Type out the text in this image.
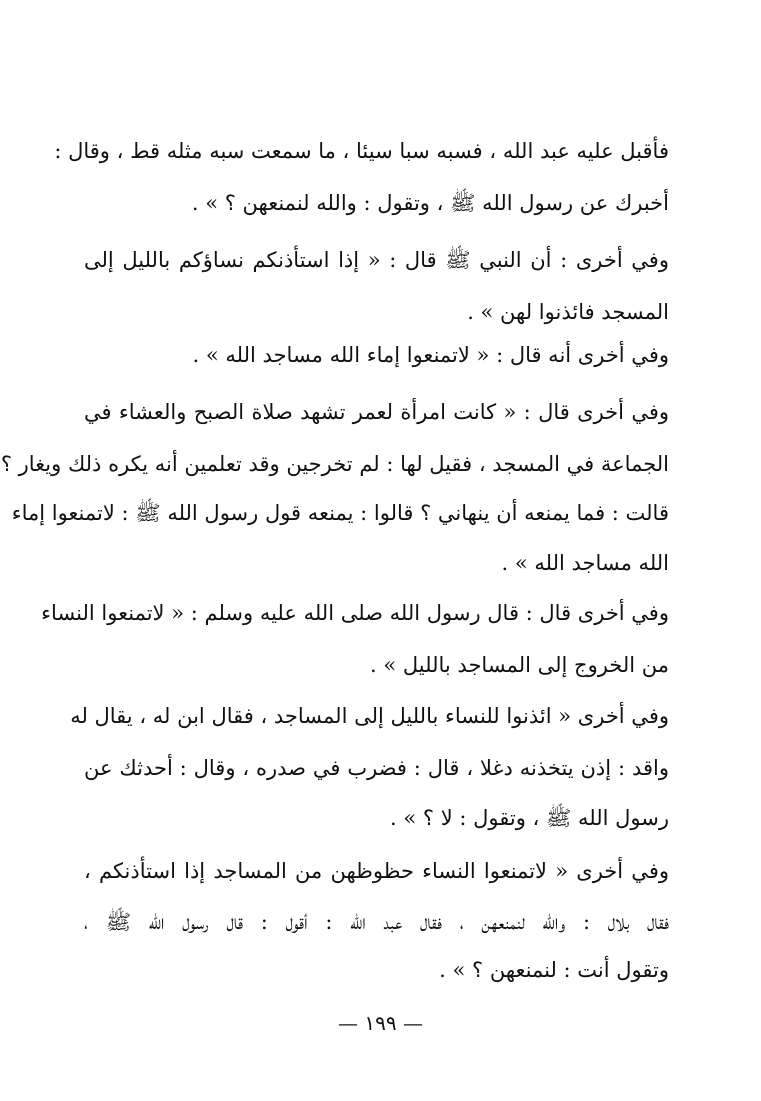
فأقبل عليه عبد الله ، فسبه سبا سيئا ، ما سمعت سبه مثله قط ، وقال :
أخبرك عن رسول الله ﷺ ، وتقول : والله لنمنعهن ؟ » .
وفي أخرى : أن النبي ﷺ قال : « إذا استأذنكم نساؤكم بالليل إلى
المسجد فائذنوا لهن » .
وفي أخرى أنه قال : « لاتمنعوا إماء الله مساجد الله » .
وفي أخرى قال : « كانت امرأة لعمر تشهد صلاة الصبح والعشاء في
الجماعة في المسجد ، فقيل لها : لم تخرجين وقد تعلمين أنه يكره ذلك ويغار ؟
قالت : فما يمنعه أن ينهاني ؟ قالوا : يمنعه قول رسول الله ﷺ : لاتمنعوا إماء
الله مساجد الله » .
وفي أخرى قال : قال رسول الله صلى الله عليه وسلم : « لاتمنعوا النساء
من الخروج إلى المساجد بالليل » .
وفي أخرى « ائذنوا للنساء بالليل إلى المساجد ، فقال ابن له ، يقال له
واقد : إذن يتخذنه دغلا ، قال : فضرب في صدره ، وقال : أحدثك عن
رسول الله ﷺ ، وتقول : لا ؟ » .
وفي أخرى « لاتمنعوا النساء حظوظهن من المساجد إذا استأذنكم ،
فقال بلال : والله لنمنعهن ، فقال عبد الله : أقول : قال رسول الله ﷺ ،
وتقول أنت : لنمنعهن ؟ » .
— ١٩٩ —
